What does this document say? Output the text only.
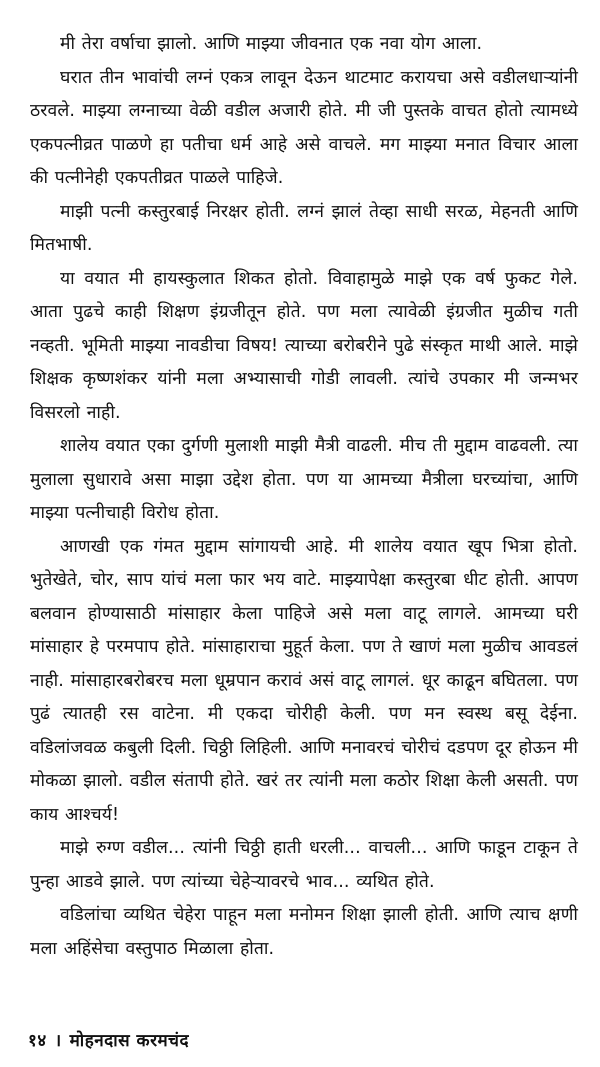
मी तेरा वर्षाचा झालो. आणि माझ्या जीवनात एक नवा योग आला.

घरात तीन भावांची लग्नं एकत्र लावून देऊन थाटमाट करायचा असे वडीलधाऱ्यांनी ठरवले. माझ्या लग्नाच्या वेळी वडील अजारी होते. मी जी पुस्तके वाचत होतो त्यामध्ये एकपत्नीव्रत पाळणे हा पतीचा धर्म आहे असे वाचले. मग माझ्या मनात विचार आला की पत्नीनेही एकपतीव्रत पाळले पाहिजे.

माझी पत्नी कस्तुरबाई निरक्षर होती. लग्नं झालं तेव्हा साधी सरळ, मेहनती आणि मितभाषी.

या वयात मी हायस्कुलात शिकत होतो. विवाहामुळे माझे एक वर्ष फुकट गेले. आता पुढचे काही शिक्षण इंग्रजीतून होते. पण मला त्यावेळी इंग्रजीत मुळीच गती नव्हती. भूमिती माझ्या नावडीचा विषय! त्याच्या बरोबरीने पुढे संस्कृत माथी आले. माझे शिक्षक कृष्णशंकर यांनी मला अभ्यासाची गोडी लावली. त्यांचे उपकार मी जन्मभर विसरलो नाही.

शालेय वयात एका दुर्गणी मुलाशी माझी मैत्री वाढली. मीच ती मुद्दाम वाढवली. त्या मुलाला सुधारावे असा माझा उद्देश होता. पण या आमच्या मैत्रीला घरच्यांचा, आणि माझ्या पत्नीचाही विरोध होता.

आणखी एक गंमत मुद्दाम सांगायची आहे. मी शालेय वयात खूप भित्रा होतो. भुतेखेते, चोर, साप यांचं मला फार भय वाटे. माझ्यापेक्षा कस्तुरबा धीट होती. आपण बलवान होण्यासाठी मांसाहार केला पाहिजे असे मला वाटू लागले. आमच्या घरी मांसाहार हे परमपाप होते. मांसाहाराचा मुहूर्त केला. पण ते खाणं मला मुळीच आवडलं नाही. मांसाहारबरोबरच मला धूम्रपान करावं असं वाटू लागलं. धूर काढून बघितला. पण पुढं त्यातही रस वाटेना. मी एकदा चोरीही केली. पण मन स्वस्थ बसू देईना. वडिलांजवळ कबुली दिली. चिठ्ठी लिहिली. आणि मनावरचं चोरीचं दडपण दूर होऊन मी मोकळा झालो. वडील संतापी होते. खरं तर त्यांनी मला कठोर शिक्षा केली असती. पण काय आश्चर्य!

माझे रुग्ण वडील... त्यांनी चिठ्ठी हाती धरली... वाचली... आणि फाडून टाकून ते पुन्हा आडवे झाले. पण त्यांच्या चेहेऱ्यावरचे भाव... व्यथित होते.

वडिलांचा व्यथित चेहेरा पाहून मला मनोमन शिक्षा झाली होती. आणि त्याच क्षणी मला अहिंसेचा वस्तुपाठ मिळाला होता.

१४ । मोहनदास करमचंद
